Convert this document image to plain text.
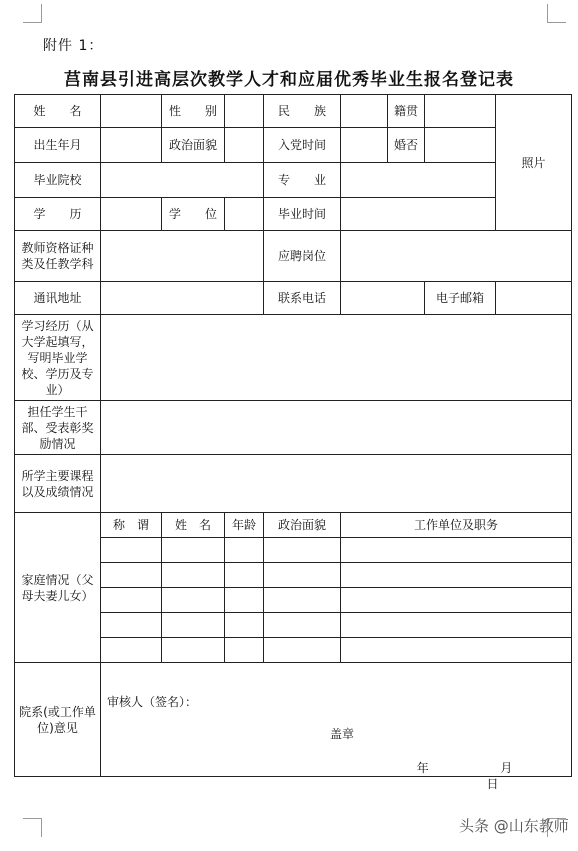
附件 1：
莒南县引进高层次教学人才和应届优秀毕业生报名登记表
姓　　名		性　　别		民　　族		籍贯		照片
出生年月		政治面貌		入党时间		婚否		
毕业院校				专　　业				
学　　历		学　　位		毕业时间				
教师资格证种类及任教学科				应聘岗位				
通讯地址				联系电话			电子邮箱	
学习经历（从大学起填写，写明毕业学校、学历及专业）								
担任学生干部、受表彰奖励情况								
所学主要课程以及成绩情况								
家庭情况（父母夫妻儿女）	称　谓	姓　名	年龄	政治面貌	工作单位及职务			

院系(或工作单位)意见	审核人（签名）：
盖章
年 月  日							
头条 @山东教师
